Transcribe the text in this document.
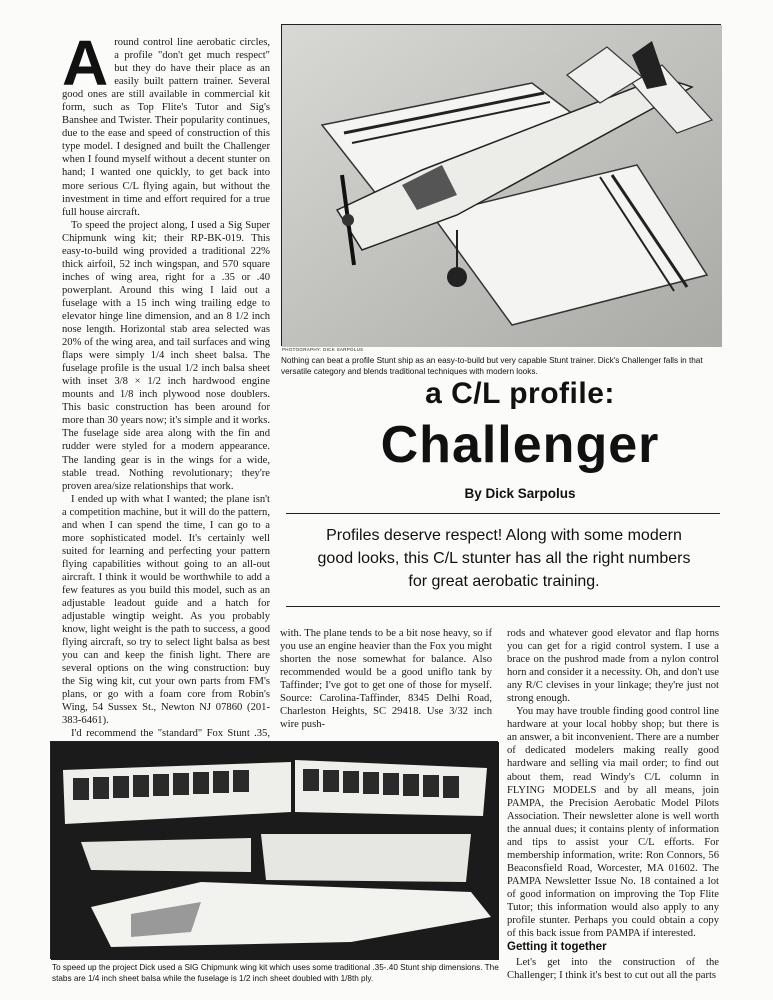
A round control line aerobatic circles, a profile "don't get much respect" but they do have their place as an easily built pattern trainer. Several good ones are still available in commercial kit form, such as Top Flite's Tutor and Sig's Banshee and Twister. Their popularity continues, due to the ease and speed of construction of this type model. I designed and built the Challenger when I found myself without a decent stunter on hand; I wanted one quickly, to get back into more serious C/L flying again, but without the investment in time and effort required for a true full house aircraft.

To speed the project along, I used a Sig Super Chipmunk wing kit; their RP-BK-019. This easy-to-build wing provided a traditional 22% thick airfoil, 52 inch wingspan, and 570 square inches of wing area, right for a .35 or .40 powerplant. Around this wing I laid out a fuselage with a 15 inch wing trailing edge to elevator hinge line dimension, and an 8 1/2 inch nose length. Horizontal stab area selected was 20% of the wing area, and tail surfaces and wing flaps were simply 1/4 inch sheet balsa. The fuselage profile is the usual 1/2 inch balsa sheet with inset 3/8 × 1/2 inch hardwood engine mounts and 1/8 inch plywood nose doublers. This basic construction has been around for more than 30 years now; it's simple and it works. The fuselage side area along with the fin and rudder were styled for a modern appearance. The landing gear is in the wings for a wide, stable tread. Nothing revolutionary; they're proven area/size relationships that work.

I ended up with what I wanted; the plane isn't a competition machine, but it will do the pattern, and when I can spend the time, I can go to a more sophisticated model. It's certainly well suited for learning and perfecting your pattern flying capabilities without going to an all-out aircraft. I think it would be worthwhile to add a few features as you build this model, such as an adjustable leadout guide and a hatch for adjustable wingtip weight. As you probably know, light weight is the path to success, a good flying aircraft, so try to select light balsa as best you can and keep the finish light. There are several options on the wing construction: buy the Sig wing kit, cut your own parts from FM's plans, or go with a foam core from Robin's Wing, 54 Sussex St., Newton NJ 07860 (201-383-6461).

I'd recommend the "standard" Fox Stunt .35,

PHOTOGRAPHY: DICK SARPOLUS
Nothing can beat a profile Stunt ship as an easy-to-build but very capable Stunt trainer. Dick's Challenger falls in that versatile category and blends traditional techniques with modern looks.
a C/L profile:
Challenger
By Dick Sarpolus
Profiles deserve respect! Along with some modern good looks, this C/L stunter has all the right numbers for great aerobatic training.

with. The plane tends to be a bit nose heavy, so if you use an engine heavier than the Fox you might shorten the nose somewhat for balance. Also recommended would be a good uniflo tank by Taffinder; I've got to get one of those for myself. Source: Carolina-Taffinder, 8345 Delhi Road, Charleston Heights, SC 29418. Use 3/32 inch wire push-

rods and whatever good elevator and flap horns you can get for a rigid control system. I use a brace on the pushrod made from a nylon control horn and consider it a necessity. Oh, and don't use any R/C clevises in your linkage; they're just not strong enough.

You may have trouble finding good control line hardware at your local hobby shop; but there is an answer, a bit inconvenient. There are a number of dedicated modelers making really good hardware and selling via mail order; to find out about them, read Windy's C/L column in FLYING MODELS and by all means, join PAMPA, the Precision Aerobatic Model Pilots Association. Their newsletter alone is well worth the annual dues; it contains plenty of information and tips to assist your C/L efforts. For membership information, write: Ron Connors, 56 Beaconsfield Road, Worcester, MA 01602. The PAMPA Newsletter Issue No. 18 contained a lot of good information on improving the Top Flite Tutor; this information would also apply to any profile stunter. Perhaps you could obtain a copy of this back issue from PAMPA if interested.

To speed up the project Dick used a SIG Chipmunk wing kit which uses some traditional .35-.40 Stunt ship dimensions. The stabs are 1/4 inch sheet balsa while the fuselage is 1/2 inch sheet doubled with 1/8th ply.
Getting it together

Let's get into the construction of the Challenger; I think it's best to cut out all the parts
